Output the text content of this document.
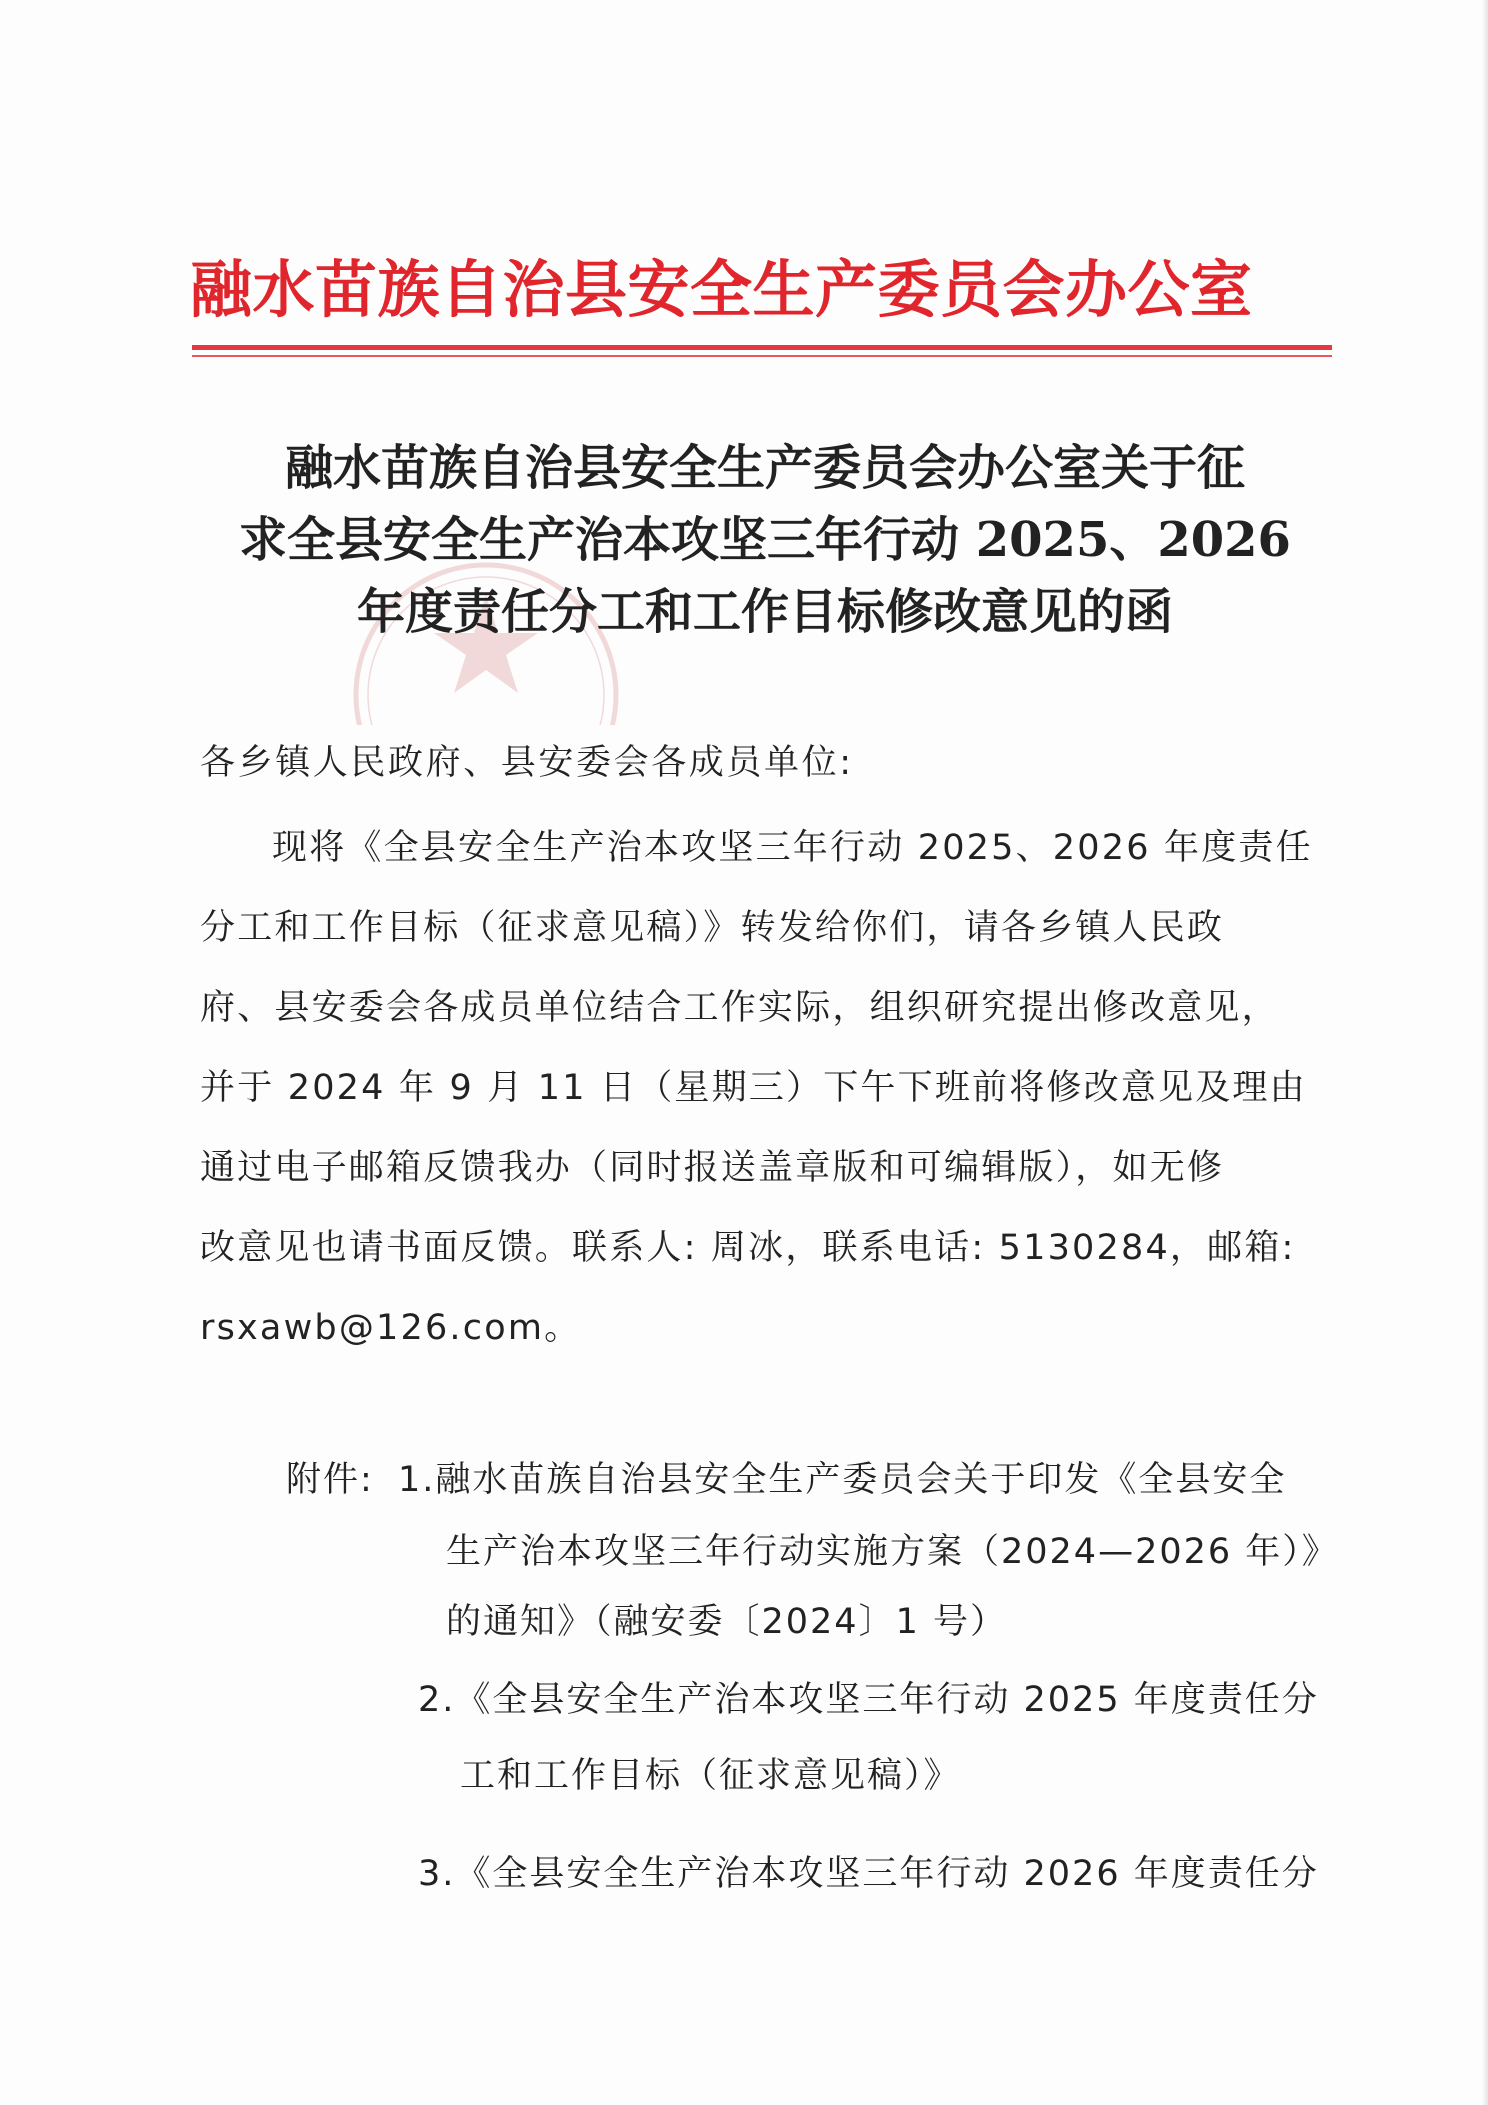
融水苗族自治县安全生产委员会办公室
融水苗族自治县安全生产委员会办公室关于征
求全县安全生产治本攻坚三年行动 2025、2026
年度责任分工和工作目标修改意见的函
各乡镇人民政府、县安委会各成员单位:
现将《全县安全生产治本攻坚三年行动 2025、2026 年度责任
分工和工作目标（征求意见稿）》转发给你们，请各乡镇人民政
府、县安委会各成员单位结合工作实际，组织研究提出修改意见，
并于 2024 年 9 月 11 日（星期三）下午下班前将修改意见及理由
通过电子邮箱反馈我办（同时报送盖章版和可编辑版），如无修
改意见也请书面反馈。联系人: 周冰，联系电话: 5130284，邮箱:
rsxawb@126.com。
附件: 1.融水苗族自治县安全生产委员会关于印发《全县安全
生产治本攻坚三年行动实施方案（2024—2026 年）》
的通知》（融安委〔2024〕1 号）
2.《全县安全生产治本攻坚三年行动 2025 年度责任分
工和工作目标（征求意见稿）》
3.《全县安全生产治本攻坚三年行动 2026 年度责任分
